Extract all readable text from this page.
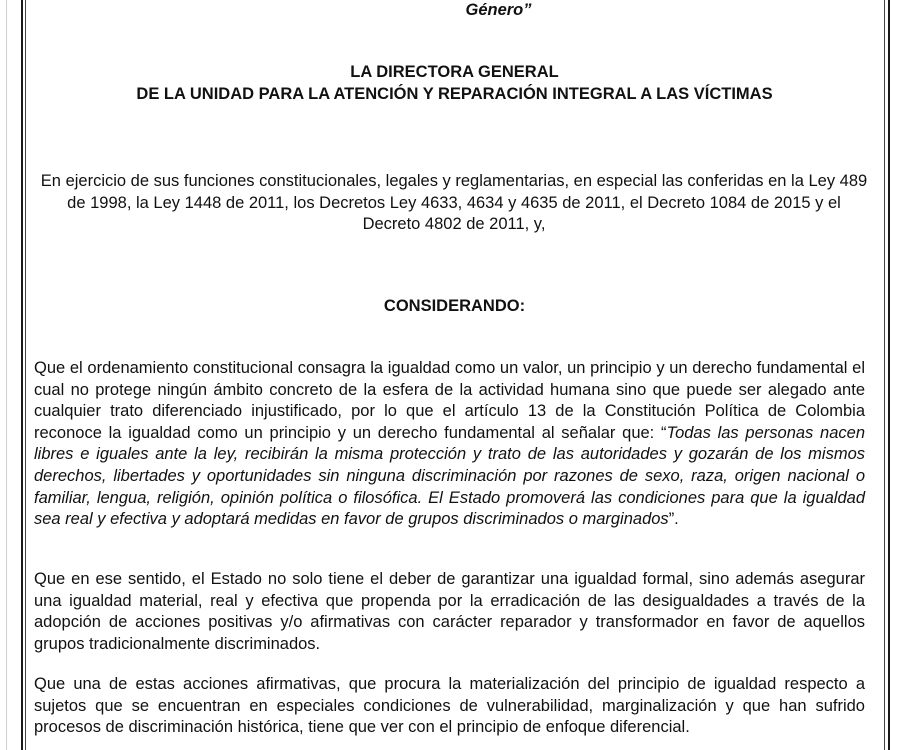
Género”
LA DIRECTORA GENERAL
DE LA UNIDAD PARA LA ATENCIÓN Y REPARACIÓN INTEGRAL A LAS VÍCTIMAS
En ejercicio de sus funciones constitucionales, legales y reglamentarias, en especial las conferidas en la Ley 489 de 1998, la Ley 1448 de 2011, los Decretos Ley 4633, 4634 y 4635 de 2011, el Decreto 1084 de 2015 y el Decreto 4802 de 2011, y,
CONSIDERANDO:
Que el ordenamiento constitucional consagra la igualdad como un valor, un principio y un derecho fundamental el cual no protege ningún ámbito concreto de la esfera de la actividad humana sino que puede ser alegado ante cualquier trato diferenciado injustificado, por lo que el artículo 13 de la Constitución Política de Colombia reconoce la igualdad como un principio y un derecho fundamental al señalar que: “Todas las personas nacen libres e iguales ante la ley, recibirán la misma protección y trato de las autoridades y gozarán de los mismos derechos, libertades y oportunidades sin ninguna discriminación por razones de sexo, raza, origen nacional o familiar, lengua, religión, opinión política o filosófica. El Estado promoverá las condiciones para que la igualdad sea real y efectiva y adoptará medidas en favor de grupos discriminados o marginados”.
Que en ese sentido, el Estado no solo tiene el deber de garantizar una igualdad formal, sino además asegurar una igualdad material, real y efectiva que propenda por la erradicación de las desigualdades a través de la adopción de acciones positivas y/o afirmativas con carácter reparador y transformador en favor de aquellos grupos tradicionalmente discriminados.
Que una de estas acciones afirmativas, que procura la materialización del principio de igualdad respecto a sujetos que se encuentran en especiales condiciones de vulnerabilidad, marginalización y que han sufrido procesos de discriminación histórica, tiene que ver con el principio de enfoque diferencial.
